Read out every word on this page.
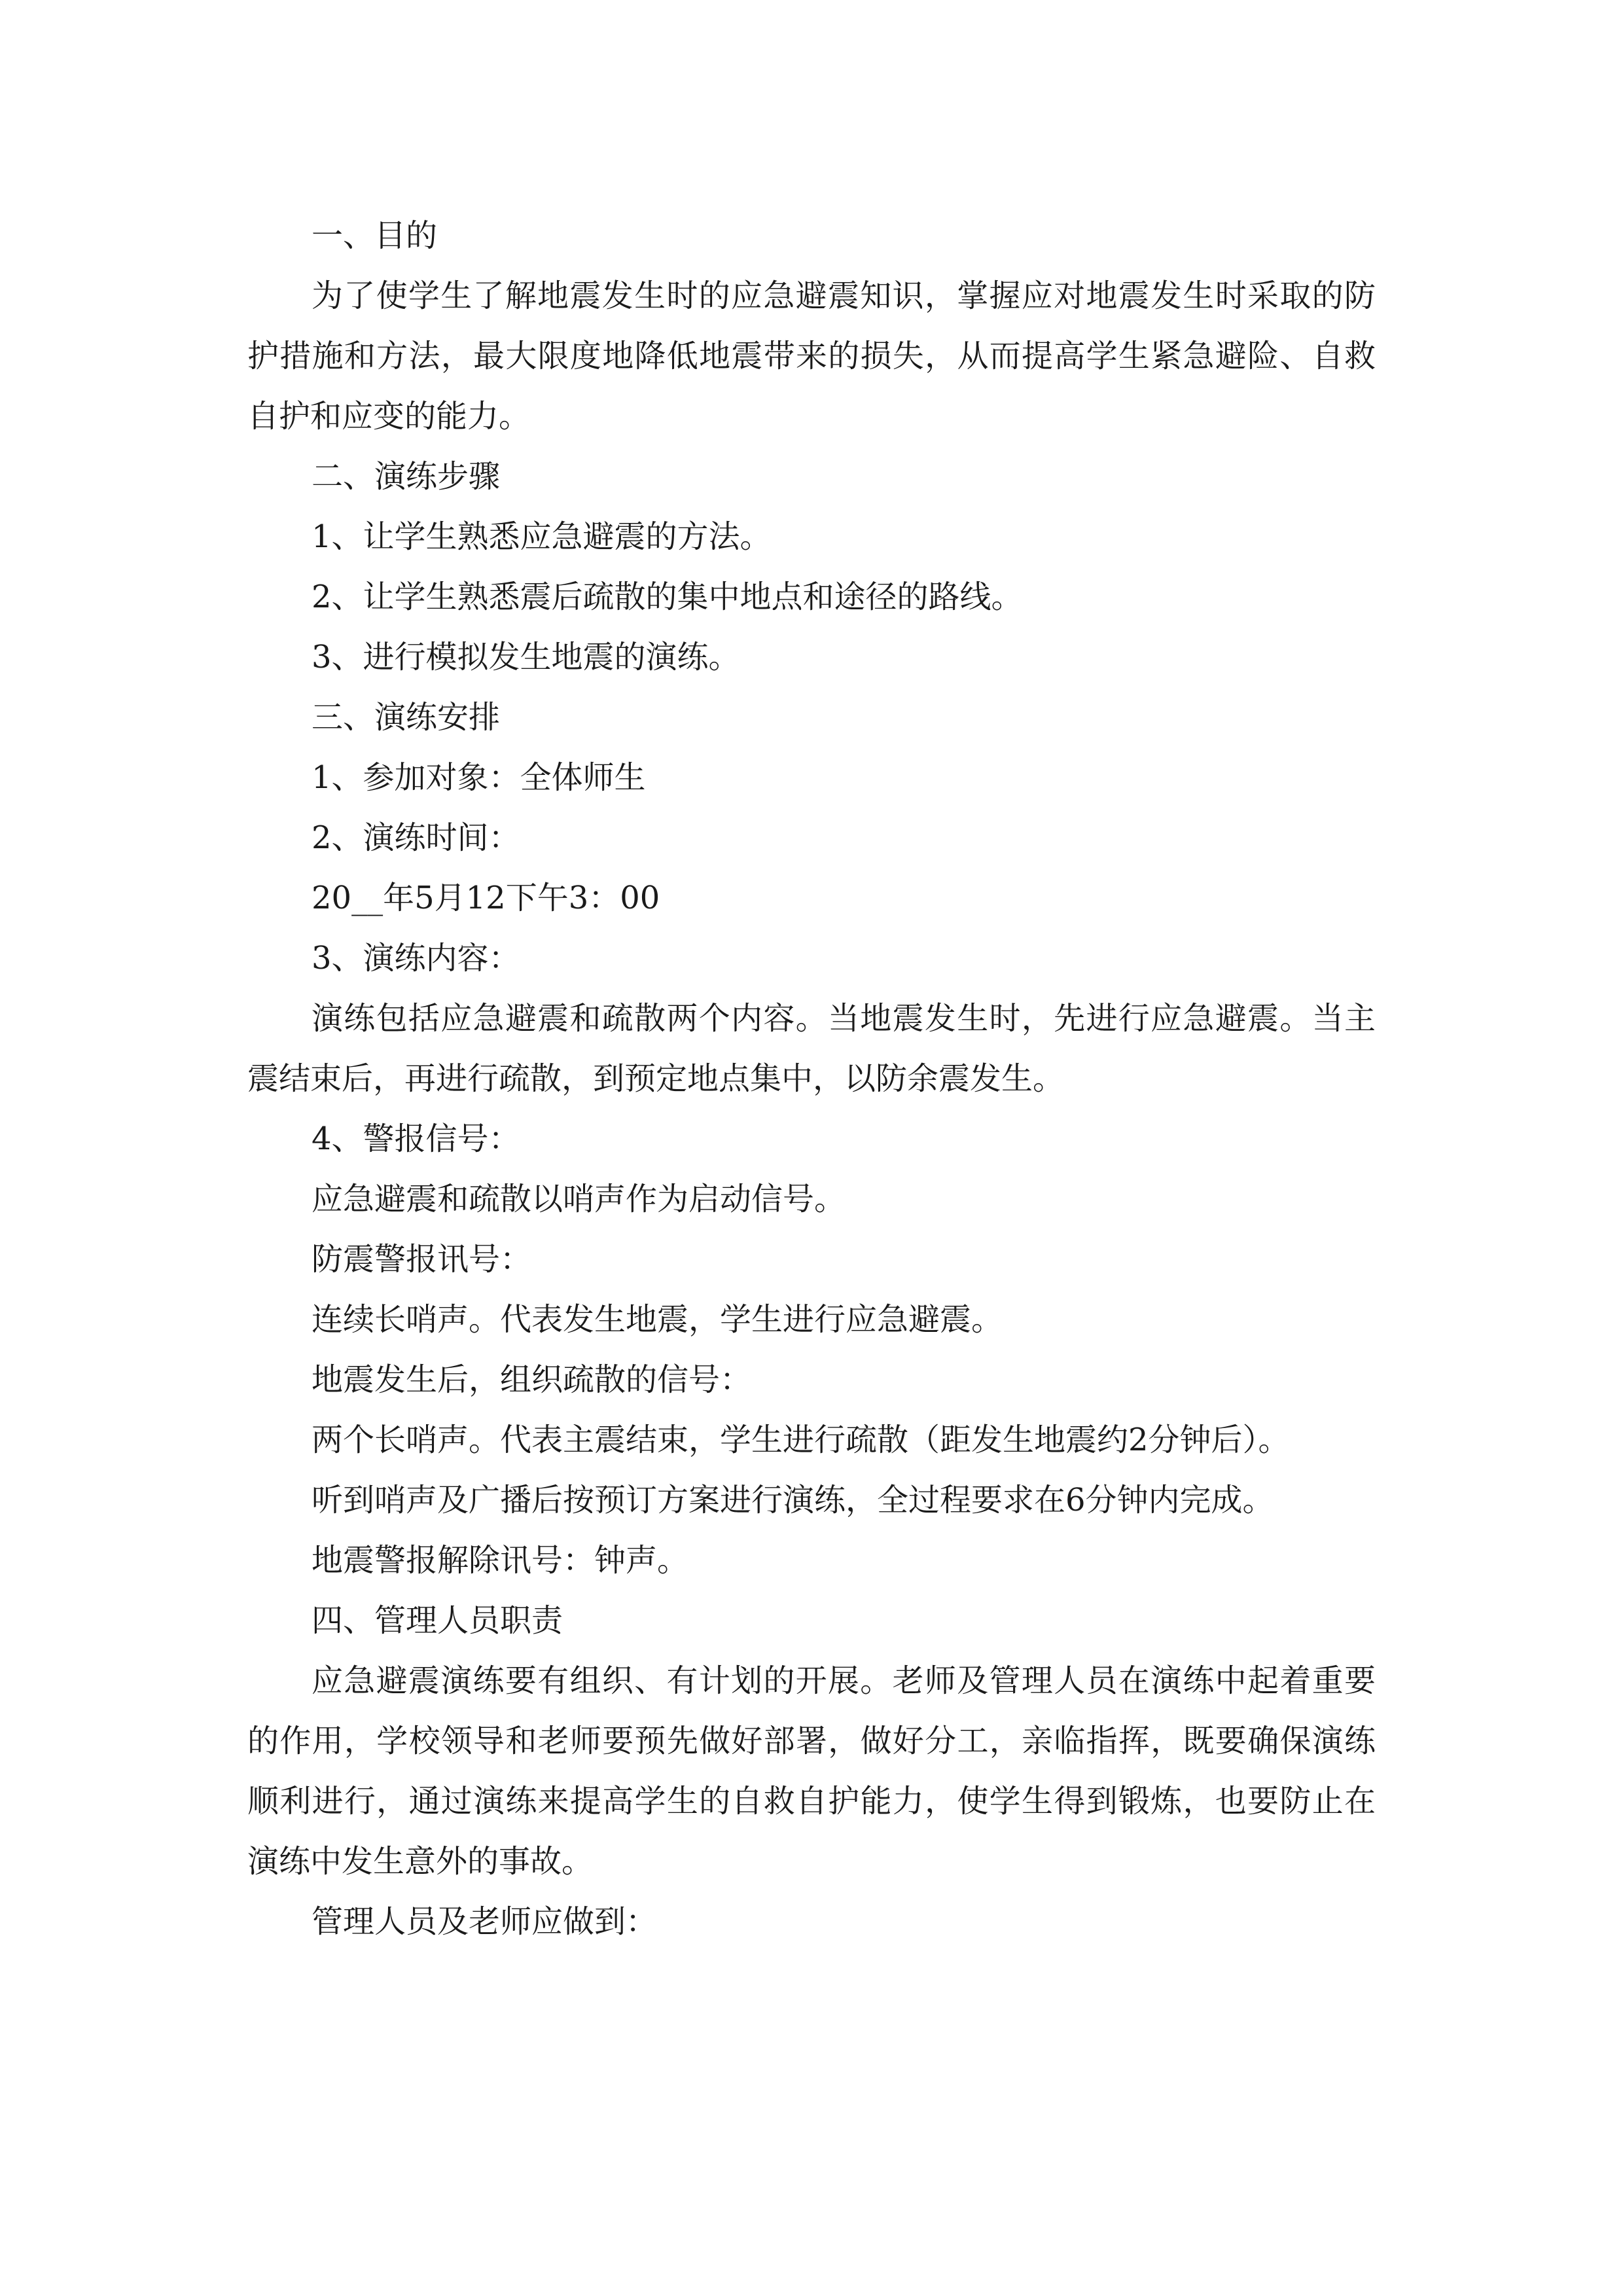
一、目的

为了使学生了解地震发生时的应急避震知识，掌握应对地震发生时采取的防护措施和方法，最大限度地降低地震带来的损失，从而提高学生紧急避险、自救自护和应变的能力。

二、演练步骤

1、让学生熟悉应急避震的方法。

2、让学生熟悉震后疏散的集中地点和途径的路线。

3、进行模拟发生地震的演练。

三、演练安排

1、参加对象：全体师生

2、演练时间：

20__年5月12下午3：00

3、演练内容：

演练包括应急避震和疏散两个内容。当地震发生时，先进行应急避震。当主震结束后，再进行疏散，到预定地点集中，以防余震发生。

4、警报信号：

应急避震和疏散以哨声作为启动信号。

防震警报讯号：

连续长哨声。代表发生地震，学生进行应急避震。

地震发生后，组织疏散的信号：

两个长哨声。代表主震结束，学生进行疏散（距发生地震约2分钟后）。

听到哨声及广播后按预订方案进行演练，全过程要求在6分钟内完成。

地震警报解除讯号：钟声。

四、管理人员职责

应急避震演练要有组织、有计划的开展。老师及管理人员在演练中起着重要的作用，学校领导和老师要预先做好部署，做好分工，亲临指挥，既要确保演练顺利进行，通过演练来提高学生的自救自护能力，使学生得到锻炼，也要防止在演练中发生意外的事故。

管理人员及老师应做到：
